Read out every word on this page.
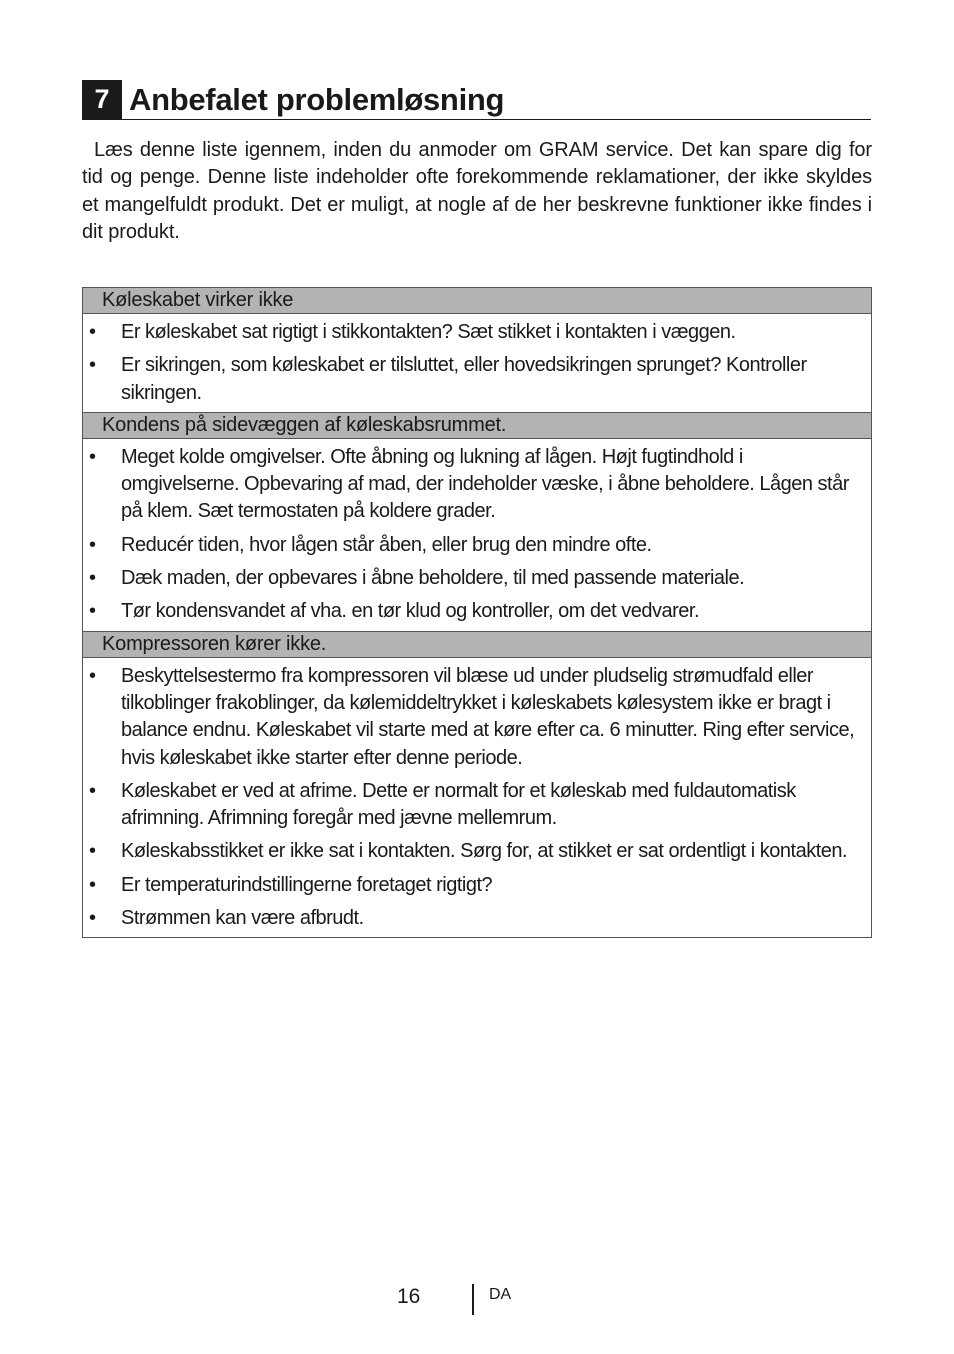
7 Anbefalet problemløsning

Læs denne liste igennem, inden du anmoder om GRAM service. Det kan spare dig for tid og penge. Denne liste indeholder ofte forekommende reklamationer, der ikke skyldes et mangelfuldt produkt. Det er muligt, at nogle af de her beskrevne funktioner ikke findes i dit produkt.

Køleskabet virker ikke
• Er køleskabet sat rigtigt i stikkontakten? Sæt stikket i kontakten i væggen.
• Er sikringen, som køleskabet er tilsluttet, eller hovedsikringen sprunget? Kontroller sikringen.
Kondens på sidevæggen af køleskabsrummet.
• Meget kolde omgivelser. Ofte åbning og lukning af lågen. Højt fugtindhold i omgivelserne. Opbevaring af mad, der indeholder væske, i åbne beholdere. Lågen står på klem. Sæt termostaten på koldere grader.
• Reducér tiden, hvor lågen står åben, eller brug den mindre ofte.
• Dæk maden, der opbevares i åbne beholdere, til med passende materiale.
• Tør kondensvandet af vha. en tør klud og kontroller, om det vedvarer.
Kompressoren kører ikke.
• Beskyttelsestermo fra kompressoren vil blæse ud under pludselig strømudfald eller tilkoblinger frakoblinger, da kølemiddeltrykket i køleskabets kølesystem ikke er bragt i balance endnu. Køleskabet vil starte med at køre efter ca. 6 minutter. Ring efter service, hvis køleskabet ikke starter efter denne periode.
• Køleskabet er ved at afrime. Dette er normalt for et køleskab med fuldautomatisk afrimning. Afrimning foregår med jævne mellemrum.
• Køleskabsstikket er ikke sat i kontakten. Sørg for, at stikket er sat ordentligt i kontakten.
• Er temperaturindstillingerne foretaget rigtigt?
• Strømmen kan være afbrudt.
16	DA
